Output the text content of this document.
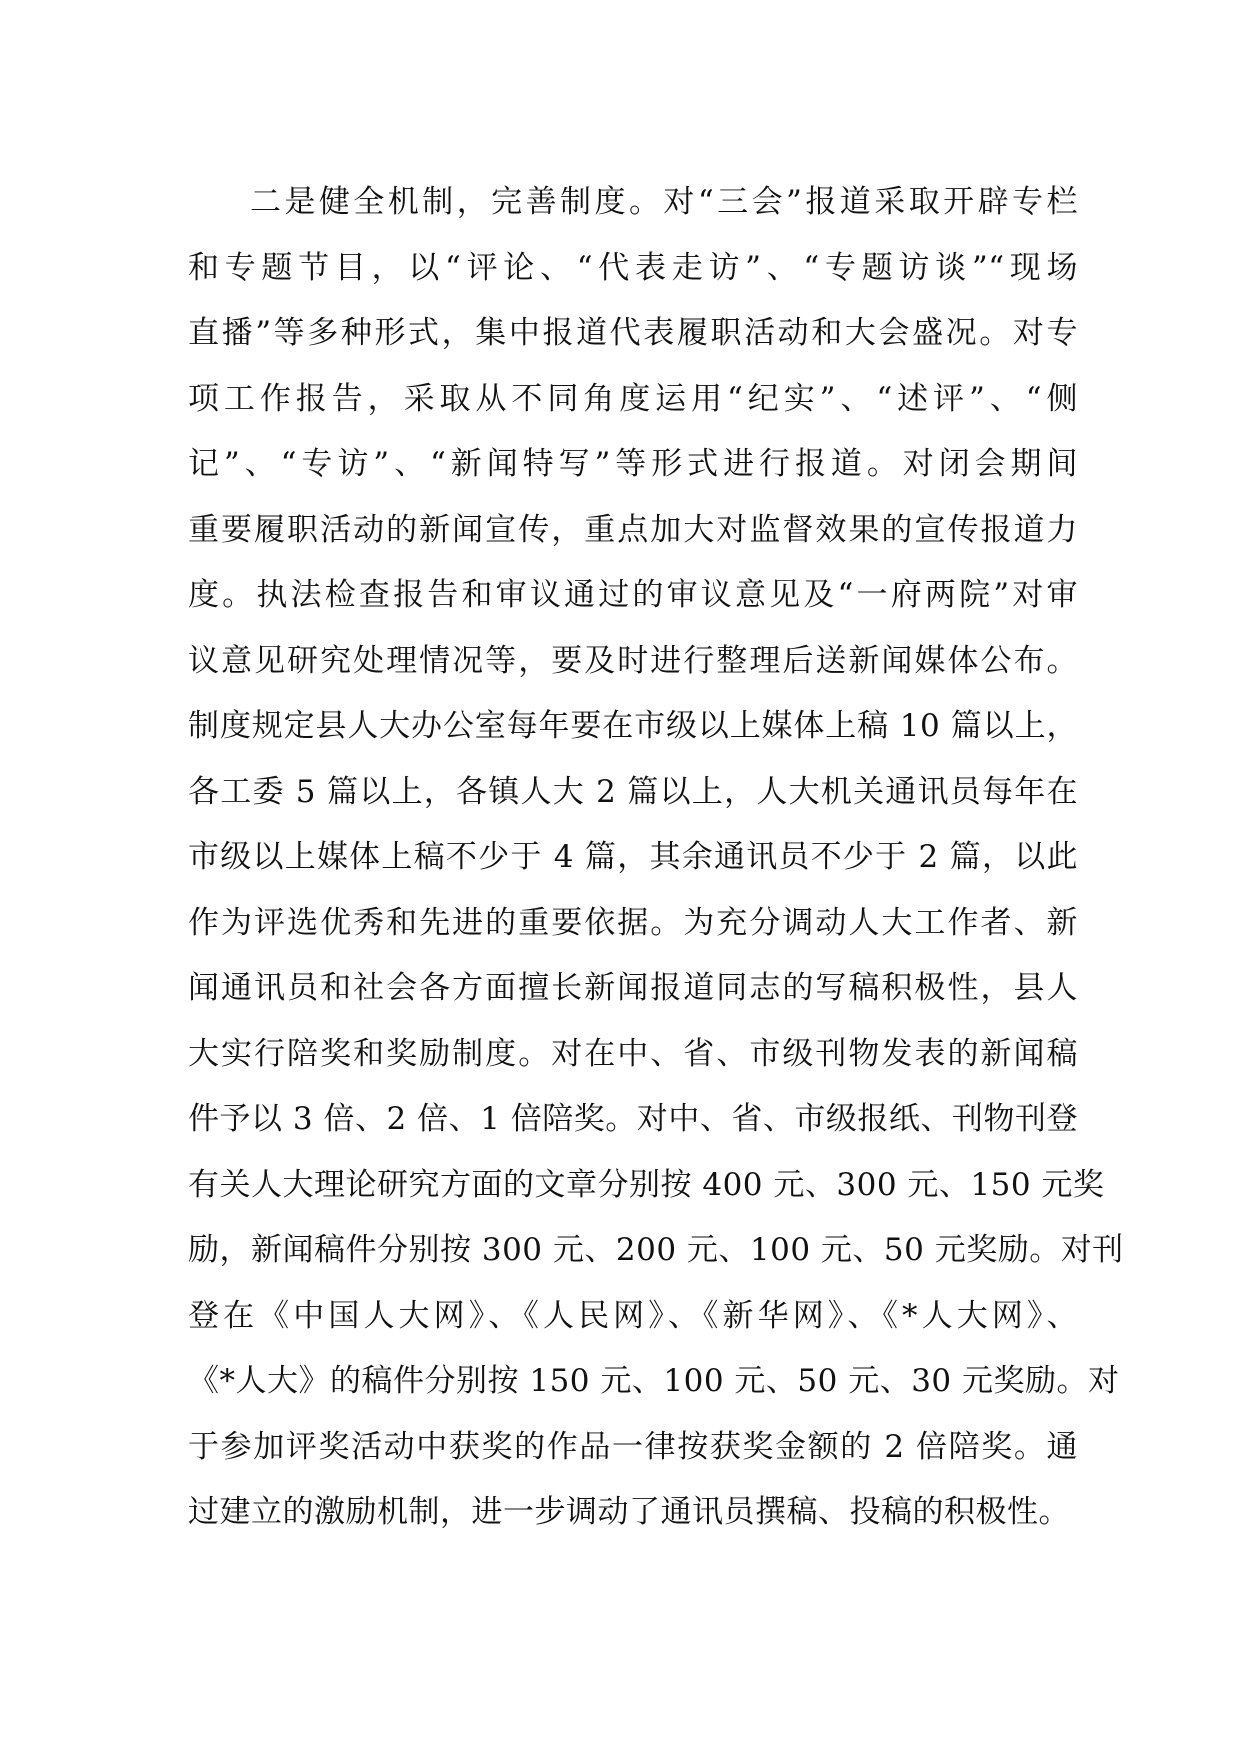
二是健全机制，完善制度。对“三会”报道采取开辟专栏
和专题节目，以“评论、“代表走访”、“专题访谈”“现场
直播”等多种形式，集中报道代表履职活动和大会盛况。对专
项工作报告，采取从不同角度运用“纪实”、“述评”、“侧
记”、“专访”、“新闻特写”等形式进行报道。对闭会期间
重要履职活动的新闻宣传，重点加大对监督效果的宣传报道力
度。执法检查报告和审议通过的审议意见及“一府两院”对审
议意见研究处理情况等，要及时进行整理后送新闻媒体公布。
制度规定县人大办公室每年要在市级以上媒体上稿 10 篇以上，
各工委 5 篇以上，各镇人大 2 篇以上，人大机关通讯员每年在
市级以上媒体上稿不少于 4 篇，其余通讯员不少于 2 篇，以此
作为评选优秀和先进的重要依据。为充分调动人大工作者、新
闻通讯员和社会各方面擅长新闻报道同志的写稿积极性，县人
大实行陪奖和奖励制度。对在中、省、市级刊物发表的新闻稿
件予以 3 倍、2 倍、1 倍陪奖。对中、省、市级报纸、刊物刊登
有关人大理论研究方面的文章分别按 400 元、300 元、150 元奖
励，新闻稿件分别按 300 元、200 元、100 元、50 元奖励。对刊
登在《中国人大网》、《人民网》、《新华网》、《*人大网》、
《*人大》的稿件分别按 150 元、100 元、50 元、30 元奖励。对
于参加评奖活动中获奖的作品一律按获奖金额的 2 倍陪奖。通
过建立的激励机制，进一步调动了通讯员撰稿、投稿的积极性。
